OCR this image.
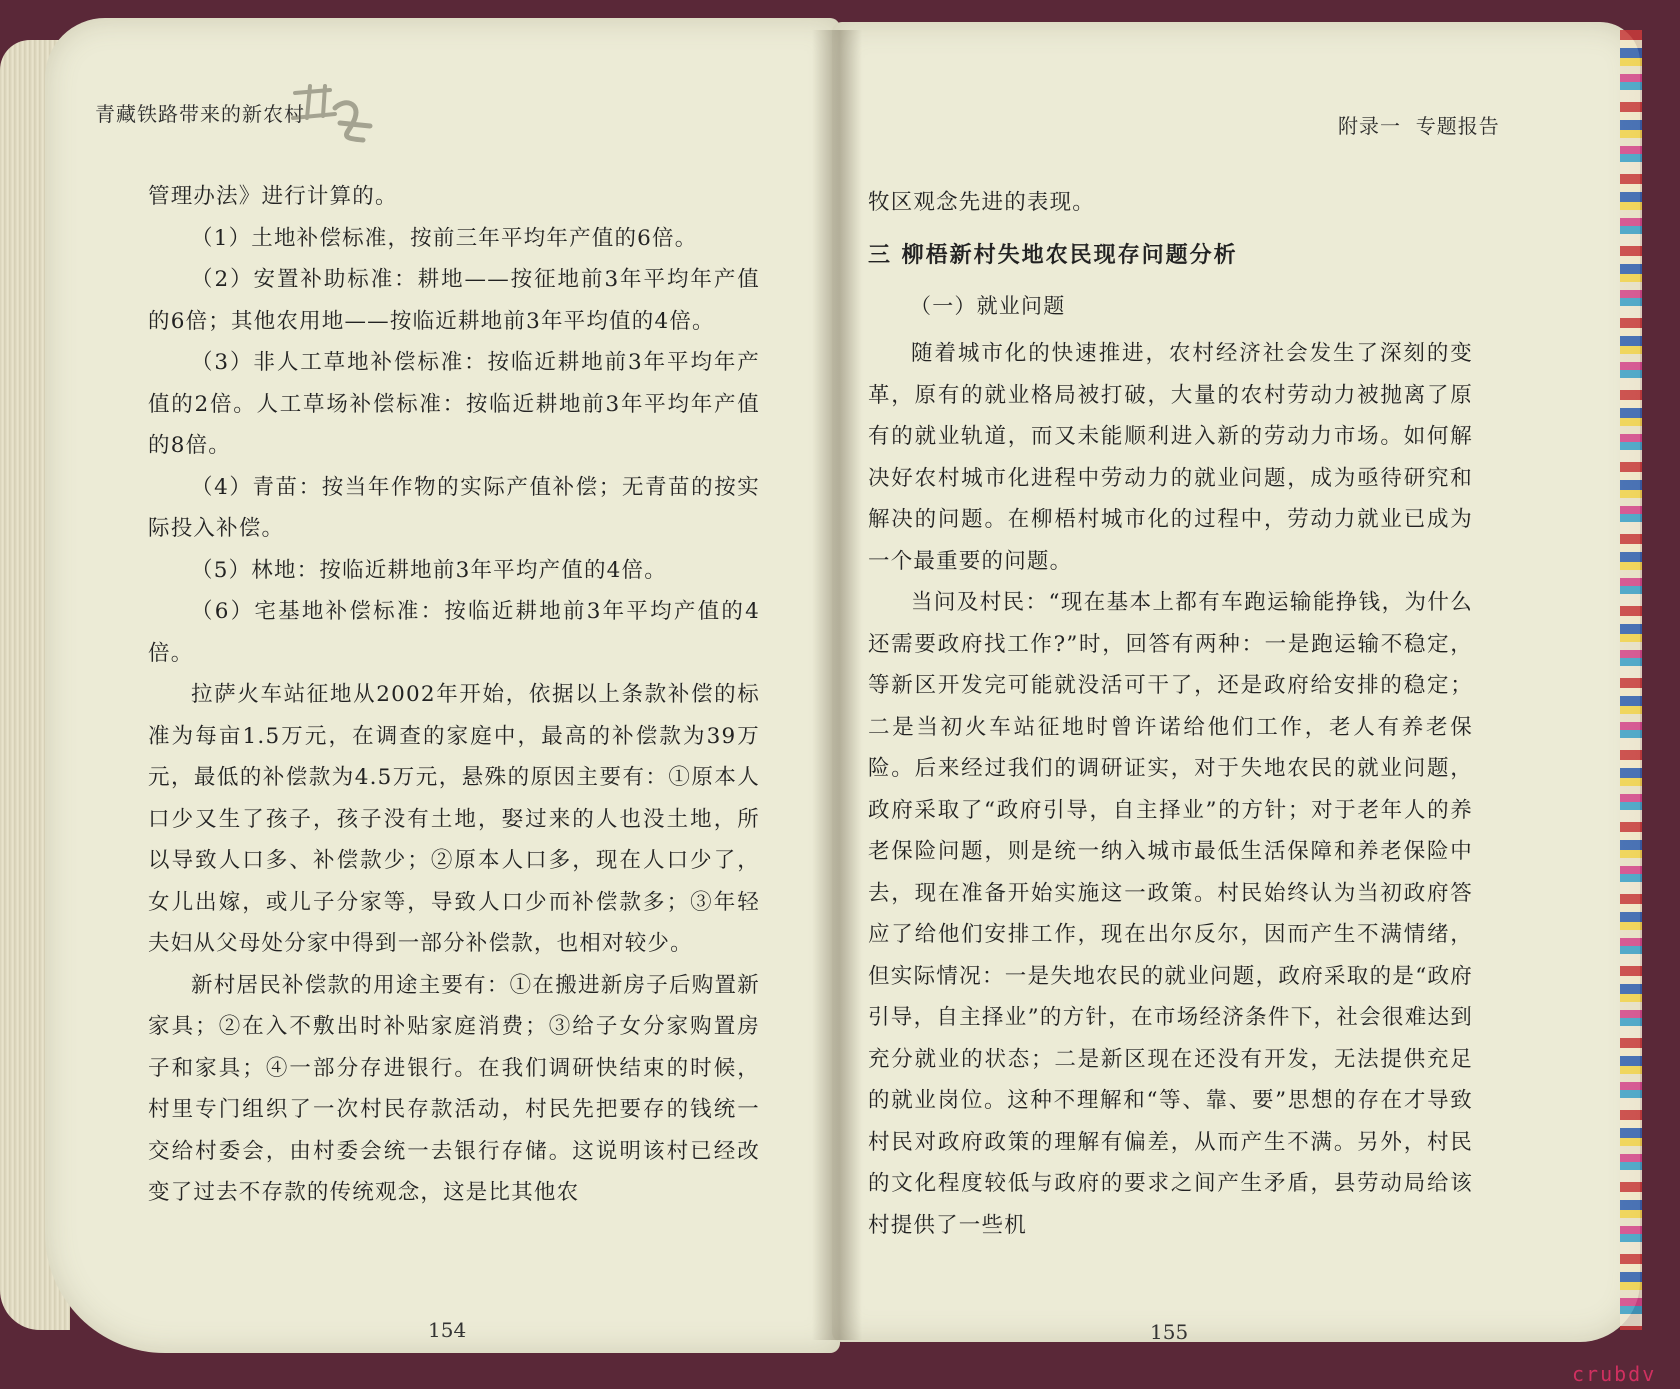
青藏铁路带来的新农村	附录一  专题报告

管理办法》进行计算的。

（1）土地补偿标准，按前三年平均年产值的6倍。

（2）安置补助标准：耕地——按征地前3年平均年产值的6倍；其他农用地——按临近耕地前3年平均值的4倍。

（3）非人工草地补偿标准：按临近耕地前3年平均年产值的2倍。人工草场补偿标准：按临近耕地前3年平均年产值的8倍。

（4）青苗：按当年作物的实际产值补偿；无青苗的按实际投入补偿。

（5）林地：按临近耕地前3年平均产值的4倍。

（6）宅基地补偿标准：按临近耕地前3年平均产值的4倍。

拉萨火车站征地从2002年开始，依据以上条款补偿的标准为每亩1.5万元，在调查的家庭中，最高的补偿款为39万元，最低的补偿款为4.5万元，悬殊的原因主要有：①原本人口少又生了孩子，孩子没有土地，娶过来的人也没土地，所以导致人口多、补偿款少；②原本人口多，现在人口少了，女儿出嫁，或儿子分家等，导致人口少而补偿款多；③年轻夫妇从父母处分家中得到一部分补偿款，也相对较少。

新村居民补偿款的用途主要有：①在搬进新房子后购置新家具；②在入不敷出时补贴家庭消费；③给子女分家购置房子和家具；④一部分存进银行。在我们调研快结束的时候，村里专门组织了一次村民存款活动，村民先把要存的钱统一交给村委会，由村委会统一去银行存储。这说明该村已经改变了过去不存款的传统观念，这是比其他农

154

牧区观念先进的表现。

三 柳梧新村失地农民现存问题分析

（一）就业问题

随着城市化的快速推进，农村经济社会发生了深刻的变革，原有的就业格局被打破，大量的农村劳动力被抛离了原有的就业轨道，而又未能顺利进入新的劳动力市场。如何解决好农村城市化进程中劳动力的就业问题，成为亟待研究和解决的问题。在柳梧村城市化的过程中，劳动力就业已成为一个最重要的问题。

当问及村民：“现在基本上都有车跑运输能挣钱，为什么还需要政府找工作?”时，回答有两种：一是跑运输不稳定，等新区开发完可能就没活可干了，还是政府给安排的稳定；二是当初火车站征地时曾许诺给他们工作，老人有养老保险。后来经过我们的调研证实，对于失地农民的就业问题，政府采取了“政府引导，自主择业”的方针；对于老年人的养老保险问题，则是统一纳入城市最低生活保障和养老保险中去，现在准备开始实施这一政策。村民始终认为当初政府答应了给他们安排工作，现在出尔反尔，因而产生不满情绪，但实际情况：一是失地农民的就业问题，政府采取的是“政府引导，自主择业”的方针，在市场经济条件下，社会很难达到充分就业的状态；二是新区现在还没有开发，无法提供充足的就业岗位。这种不理解和“等、靠、要”思想的存在才导致村民对政府政策的理解有偏差，从而产生不满。另外，村民的文化程度较低与政府的要求之间产生矛盾，县劳动局给该村提供了一些机

155
crubdv
